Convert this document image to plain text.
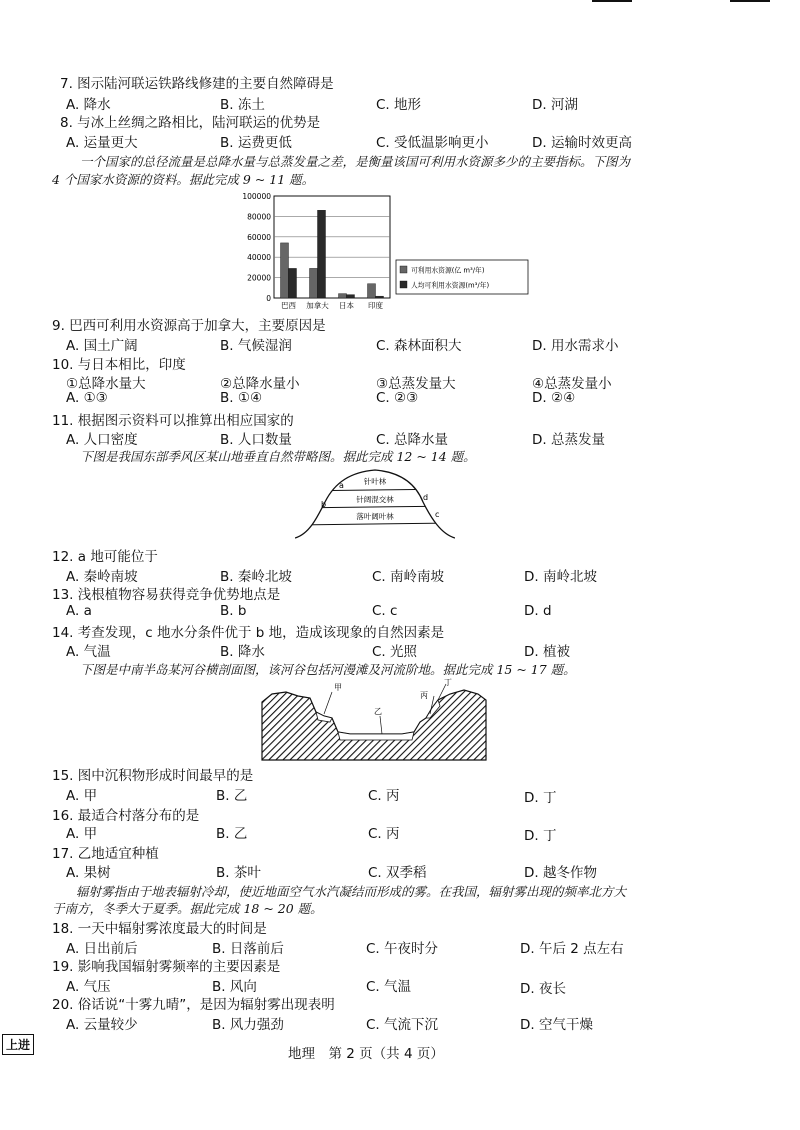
7. 图示陆河联运铁路线修建的主要自然障碍是
A. 降水	B. 冻土	C. 地形	D. 河湖
8. 与冰上丝绸之路相比，陆河联运的优势是
A. 运量更大	B. 运费更低	C. 受低温影响更小	D. 运输时效更高
一个国家的总径流量是总降水量与总蒸发量之差，是衡量该国可利用水资源多少的主要指标。下图为
4 个国家水资源的资料。据此完成 9 ~ 11 题。
100000
80000
60000
40000
20000
0
巴西 加拿大 日本 印度
可利用水资源(亿 m³/年)
人均可利用水资源(m³/年)
9. 巴西可利用水资源高于加拿大，主要原因是
A. 国土广阔	B. 气候湿润	C. 森林面积大	D. 用水需求小
10. 与日本相比，印度
①总降水量大	②总降水量小	③总蒸发量大	④总蒸发量小
A. ①③	B. ①④	C. ②③	D. ②④
11. 根据图示资料可以推算出相应国家的
A. 人口密度	B. 人口数量	C. 总降水量	D. 总蒸发量
下图是我国东部季风区某山地垂直自然带略图。据此完成 12 ~ 14 题。
针叶林
针阔混交林
落叶阔叶林
a
b
c
d
12. a 地可能位于
A. 秦岭南坡	B. 秦岭北坡	C. 南岭南坡	D. 南岭北坡
13. 浅根植物容易获得竞争优势地点是
A. a	B. b	C. c	D. d
14. 考查发现，c 地水分条件优于 b 地，造成该现象的自然因素是
A. 气温	B. 降水	C. 光照	D. 植被
下图是中南半岛某河谷横剖面图，该河谷包括河漫滩及河流阶地。据此完成 15 ~ 17 题。
甲
乙
丙
丁
15. 图中沉积物形成时间最早的是
A. 甲	B. 乙	C. 丙	D. 丁
16. 最适合村落分布的是
A. 甲	B. 乙	C. 丙	D. 丁
17. 乙地适宜种植
A. 果树	B. 茶叶	C. 双季稻	D. 越冬作物
辐射雾指由于地表辐射冷却，使近地面空气水汽凝结而形成的雾。在我国，辐射雾出现的频率北方大
于南方，冬季大于夏季。据此完成 18 ~ 20 题。
18. 一天中辐射雾浓度最大的时间是
A. 日出前后	B. 日落前后	C. 午夜时分	D. 午后 2 点左右
19. 影响我国辐射雾频率的主要因素是
A. 气压	B. 风向	C. 气温	D. 夜长
20. 俗话说“十雾九晴”，是因为辐射雾出现表明
A. 云量较少	B. 风力强劲	C. 气流下沉	D. 空气干燥
上进
地理　第 2 页（共 4 页）
